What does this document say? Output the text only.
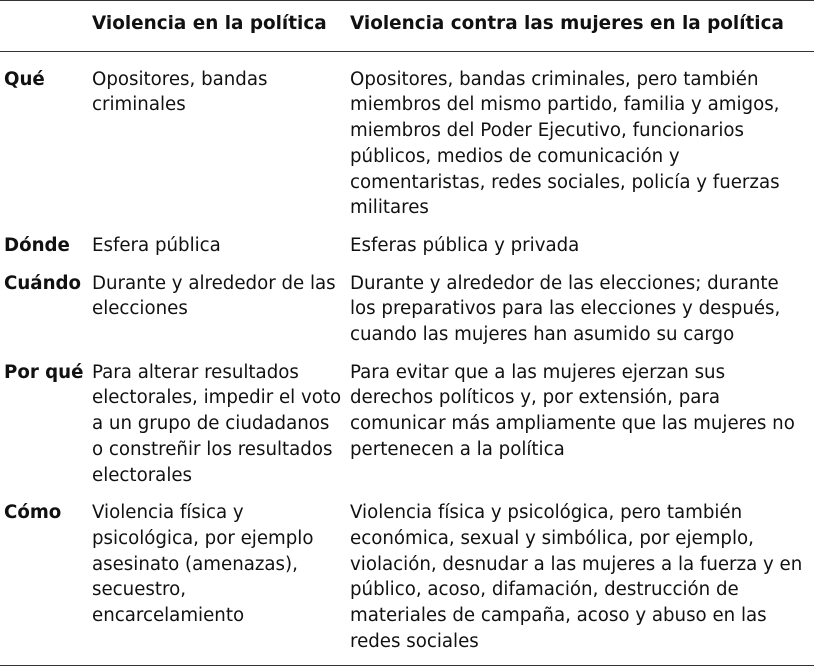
	Violencia en la política	Violencia contra las mujeres en la política
Qué	Opositores, bandas criminales	Opositores, bandas criminales, pero también miembros del mismo partido, familia y amigos, miembros del Poder Ejecutivo, funcionarios públicos, medios de comunicación y comentaristas, redes sociales, policía y fuerzas militares
Dónde	Esfera pública	Esferas pública y privada
Cuándo	Durante y alrededor de las elecciones	Durante y alrededor de las elecciones; durante los preparativos para las elecciones y después, cuando las mujeres han asumido su cargo
Por qué	Para alterar resultados electorales, impedir el voto a un grupo de ciudadanos o constreñir los resultados electorales	Para evitar que a las mujeres ejerzan sus derechos políticos y, por extensión, para comunicar más ampliamente que las mujeres no pertenecen a la política
Cómo	Violencia física y psicológica, por ejemplo asesinato (amenazas), secuestro, encarcelamiento	Violencia física y psicológica, pero también económica, sexual y simbólica, por ejemplo, violación, desnudar a las mujeres a la fuerza y en público, acoso, difamación, destrucción de materiales de campaña, acoso y abuso en las redes sociales
